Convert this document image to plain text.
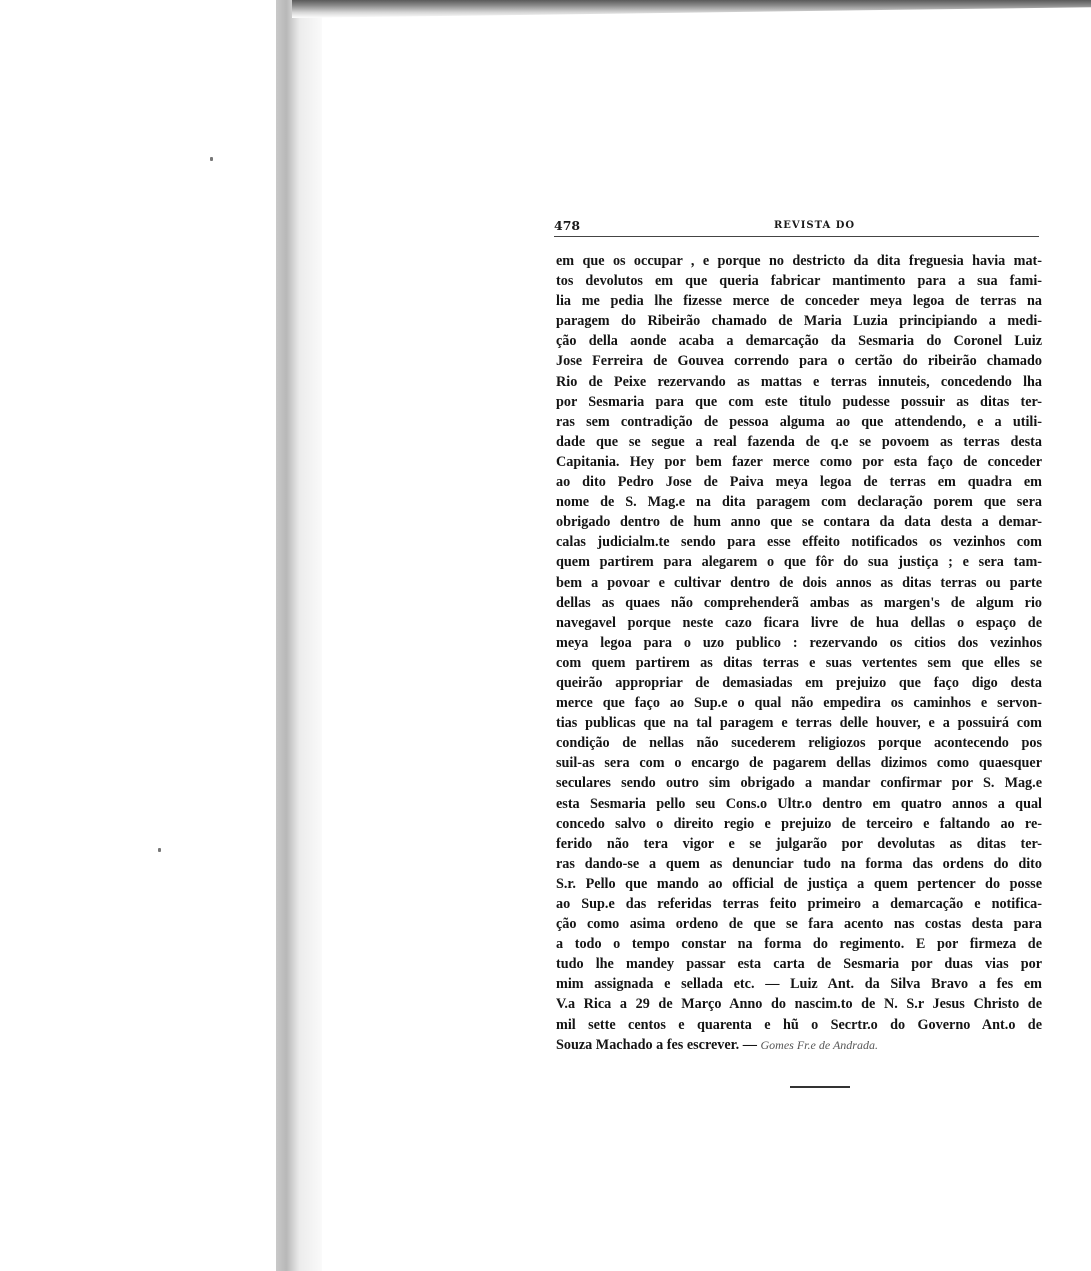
478	REVISTA DO
em que os occupar , e porque no destricto da dita freguesia havia mat-
tos devolutos em que queria fabricar mantimento para a sua fami-
lia me pedia lhe fizesse merce de conceder meya legoa de terras na
paragem do Ribeirão chamado de Maria Luzia principiando a medi-
ção della aonde acaba a demarcação da Sesmaria do Coronel Luiz
Jose Ferreira de Gouvea correndo para o certão do ribeirão chamado
Rio de Peixe rezervando as mattas e terras innuteis, concedendo lha
por Sesmaria para que com este titulo pudesse possuir as ditas ter-
ras sem contradição de pessoa alguma ao que attendendo, e a utili-
dade que se segue a real fazenda de q.e se povoem as terras desta
Capitania. Hey por bem fazer merce como por esta faço de conceder
ao dito Pedro Jose de Paiva meya legoa de terras em quadra em
nome de S. Mag.e na dita paragem com declaração porem que sera
obrigado dentro de hum anno que se contara da data desta a demar-
calas judicialm.te sendo para esse effeito notificados os vezinhos com
quem partirem para alegarem o que fôr do sua justiça ; e sera tam-
bem a povoar e cultivar dentro de dois annos as ditas terras ou parte
dellas as quaes não comprehenderã ambas as margen's de algum rio
navegavel porque neste cazo ficara livre de hua dellas o espaço de
meya legoa para o uzo publico : rezervando os citios dos vezinhos
com quem partirem as ditas terras e suas vertentes sem que elles se
queirão appropriar de demasiadas em prejuizo que faço digo desta
merce que faço ao Sup.e o qual não empedira os caminhos e servon-
tias publicas que na tal paragem e terras delle houver, e a possuirá com
condição de nellas não sucederem religiozos porque acontecendo pos
suil-as sera com o encargo de pagarem dellas dizimos como quaesquer
seculares sendo outro sim obrigado a mandar confirmar por S. Mag.e
esta Sesmaria pello seu Cons.o Ultr.o dentro em quatro annos a qual
concedo salvo o direito regio e prejuizo de terceiro e faltando ao re-
ferido não tera vigor e se julgarão por devolutas as ditas ter-
ras dando-se a quem as denunciar tudo na forma das ordens do dito
S.r. Pello que mando ao official de justiça a quem pertencer do posse
ao Sup.e das referidas terras feito primeiro a demarcação e notifica-
ção como asima ordeno de que se fara acento nas costas desta para
a todo o tempo constar na forma do regimento. E por firmeza de
tudo lhe mandey passar esta carta de Sesmaria por duas vias por
mim assignada e sellada etc. — Luiz Ant. da Silva Bravo a fes em
V.a Rica a 29 de Março Anno do nascim.to de N. S.r Jesus Christo de
mil sette centos e quarenta e hũ o Secrtr.o do Governo Ant.o de
Souza Machado a fes escrever. — Gomes Fr.e de Andrada.
